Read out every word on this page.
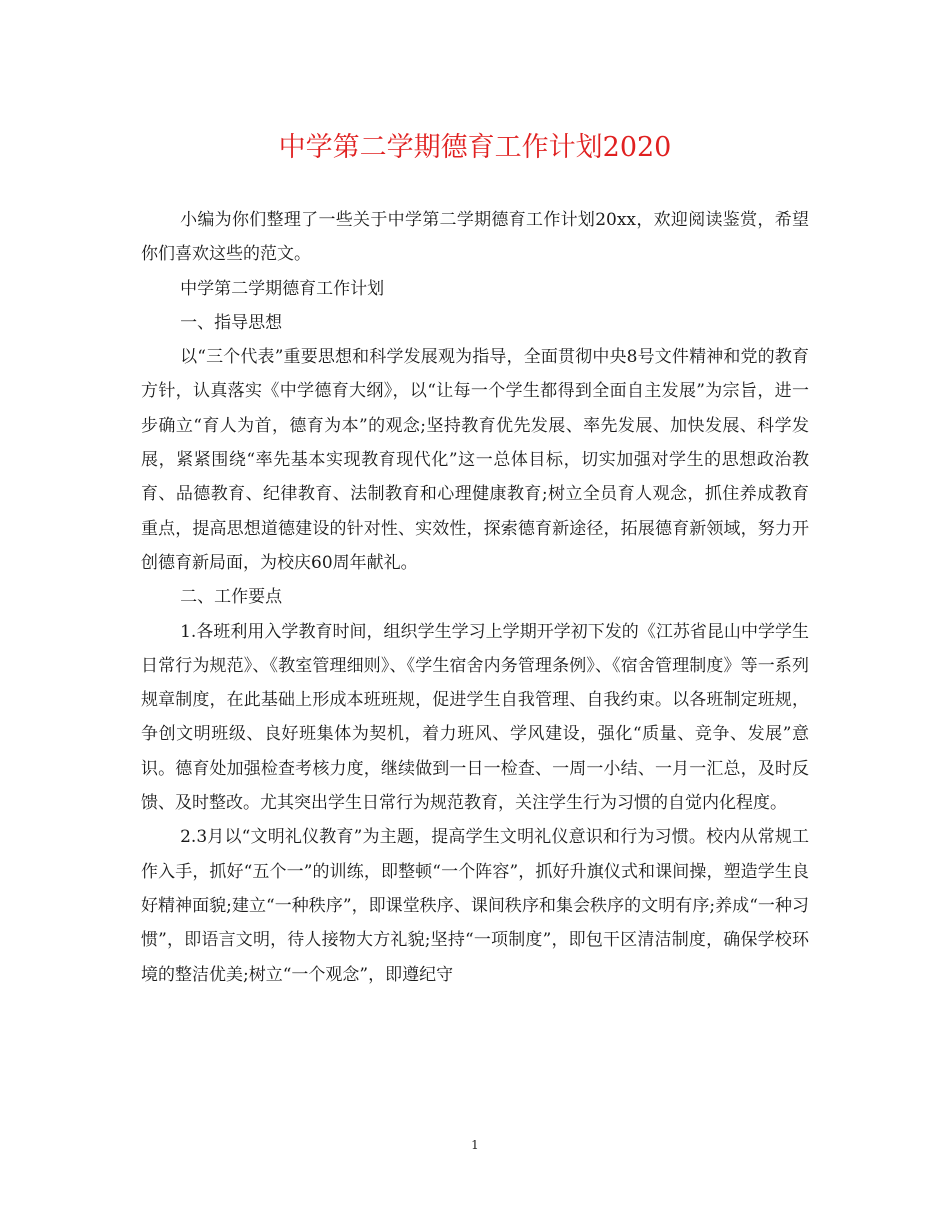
中学第二学期德育工作计划2020

小编为你们整理了一些关于中学第二学期德育工作计划20xx，欢迎阅读鉴赏，希望你们喜欢这些的范文。

中学第二学期德育工作计划

一、指导思想

以“三个代表”重要思想和科学发展观为指导，全面贯彻中央8号文件精神和党的教育方针，认真落实《中学德育大纲》，以“让每一个学生都得到全面自主发展”为宗旨，进一步确立“育人为首，德育为本”的观念;坚持教育优先发展、率先发展、加快发展、科学发展，紧紧围绕“率先基本实现教育现代化”这一总体目标，切实加强对学生的思想政治教育、品德教育、纪律教育、法制教育和心理健康教育;树立全员育人观念，抓住养成教育重点，提高思想道德建设的针对性、实效性，探索德育新途径，拓展德育新领域，努力开创德育新局面，为校庆60周年献礼。

二、工作要点

1.各班利用入学教育时间，组织学生学习上学期开学初下发的《江苏省昆山中学学生日常行为规范》、《教室管理细则》、《学生宿舍内务管理条例》、《宿舍管理制度》等一系列规章制度，在此基础上形成本班班规，促进学生自我管理、自我约束。以各班制定班规，争创文明班级、良好班集体为契机，着力班风、学风建设，强化“质量、竞争、发展”意识。德育处加强检查考核力度，继续做到一日一检查、一周一小结、一月一汇总，及时反馈、及时整改。尤其突出学生日常行为规范教育，关注学生行为习惯的自觉内化程度。

2.3月以“文明礼仪教育”为主题，提高学生文明礼仪意识和行为习惯。校内从常规工作入手，抓好“五个一”的训练，即整顿“一个阵容”，抓好升旗仪式和课间操，塑造学生良好精神面貌;建立“一种秩序”，即课堂秩序、课间秩序和集会秩序的文明有序;养成“一种习惯”，即语言文明，待人接物大方礼貌;坚持“一项制度”，即包干区清洁制度，确保学校环境的整洁优美;树立“一个观念”，即遵纪守

1
